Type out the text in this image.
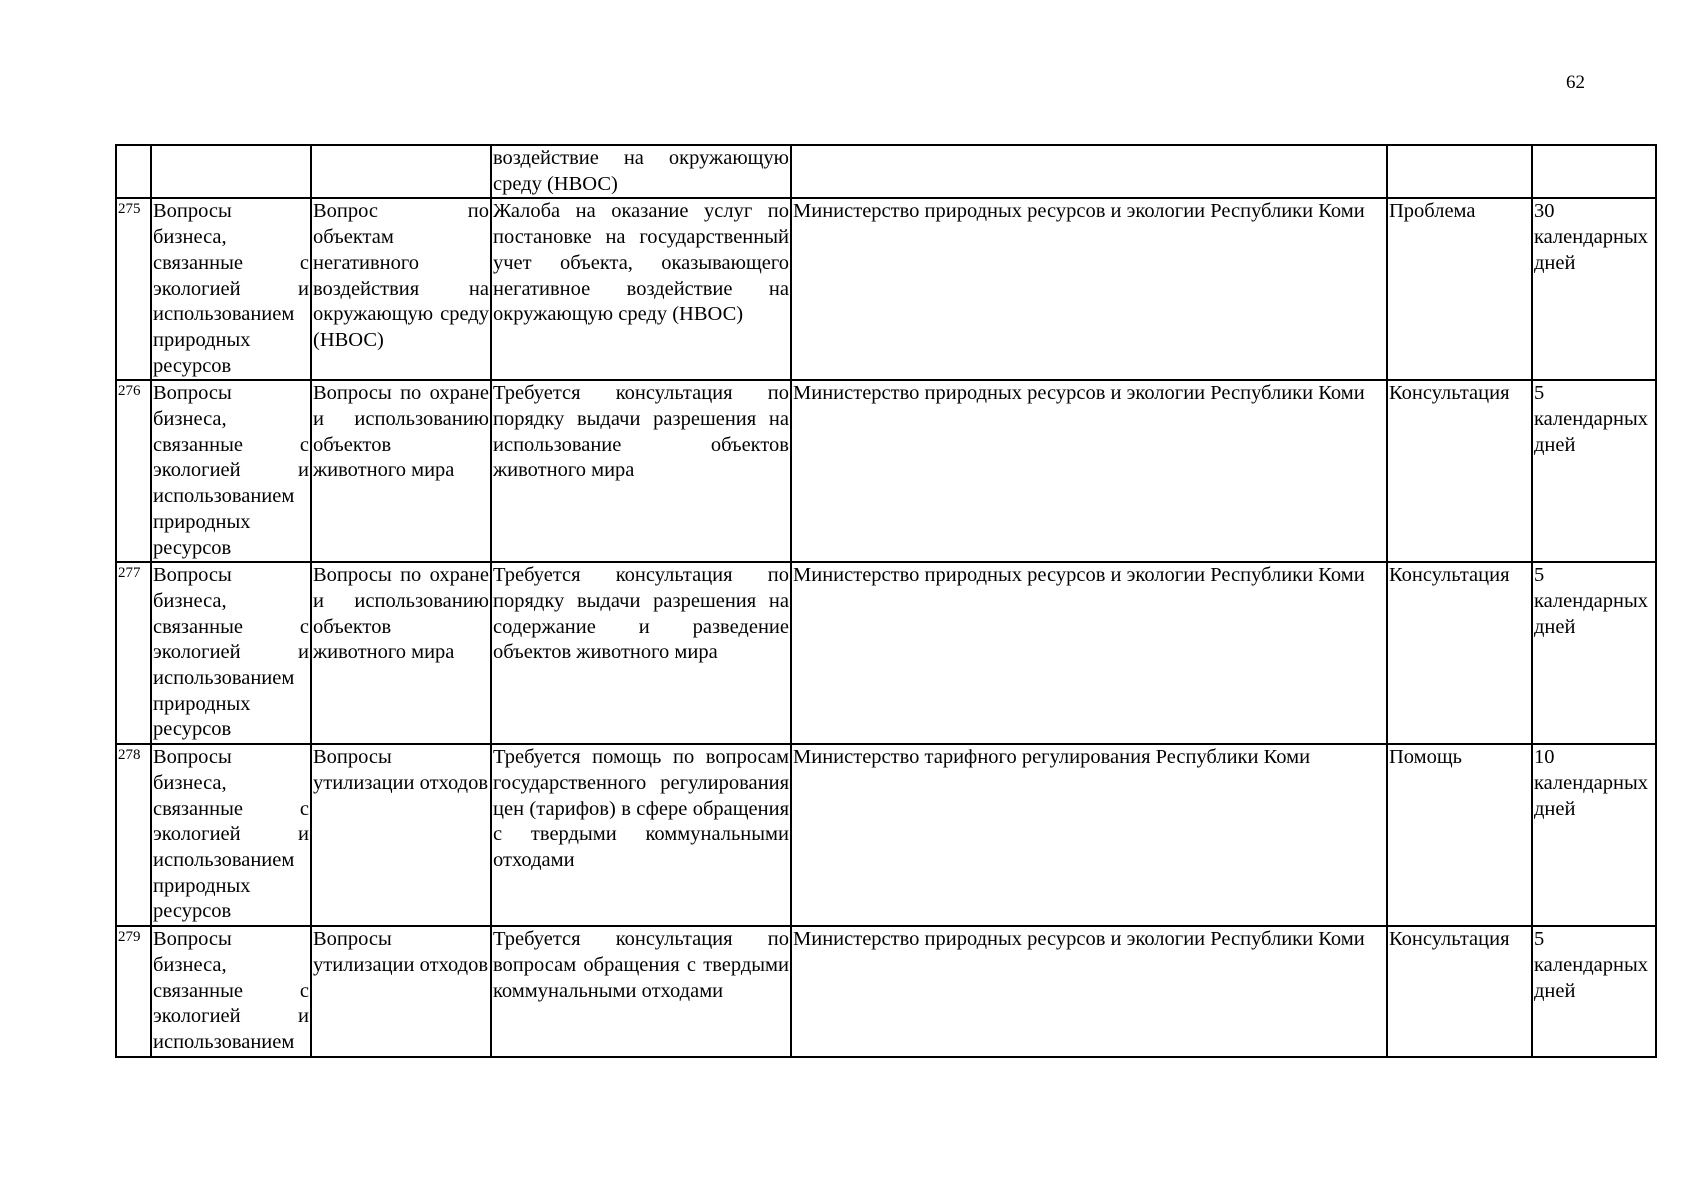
62

			воздействие на окружающую среду (НВОС)			

275	Вопросы бизнеса, связанные с экологией и использованием природных ресурсов	Вопрос по объектам негативного воздействия на окружающую среду (НВОС)	Жалоба на оказание услуг по постановке на государственный учет объекта, оказывающего негативное воздействие на окружающую среду (НВОС)	Министерство природных ресурсов и экологии Республики Коми	Проблема	30 календарных дней
276	Вопросы бизнеса, связанные с экологией и использованием природных ресурсов	Вопросы по охране и использованию объектов животного мира	Требуется консультация по порядку выдачи разрешения на использование объектов животного мира	Министерство природных ресурсов и экологии Республики Коми	Консультация	5 календарных дней
277	Вопросы бизнеса, связанные с экологией и использованием природных ресурсов	Вопросы по охране и использованию объектов животного мира	Требуется консультация по порядку выдачи разрешения на содержание и разведение объектов животного мира	Министерство природных ресурсов и экологии Республики Коми	Консультация	5 календарных дней
278	Вопросы бизнеса, связанные с экологией и использованием природных ресурсов	Вопросы утилизации отходов	Требуется помощь по вопросам государственного регулирования цен (тарифов) в сфере обращения с твердыми коммунальными отходами	Министерство тарифного регулирования Республики Коми	Помощь	10 календарных дней
279	Вопросы бизнеса, связанные с экологией и использованием	Вопросы утилизации отходов	Требуется консультация по вопросам обращения с твердыми коммунальными отходами	Министерство природных ресурсов и экологии Республики Коми	Консультация	5 календарных дней
